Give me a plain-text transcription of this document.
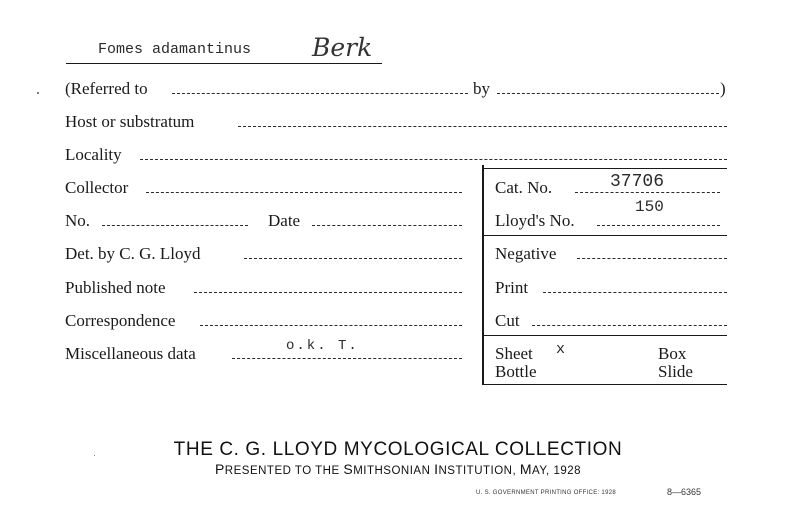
Fomes adamantinus Berk
(Referred to	by	)
Host or substratum
Locality
Collector
No.	Date
Det. by C. G. Lloyd
Published note
Correspondence
Miscellaneous data	o.k. T.
Cat. No.	37706
Lloyd's No.
150
Negative
Print
Cut
Sheet x	Box
Bottle	Slide
THE C. G. LLOYD MYCOLOGICAL COLLECTION
PRESENTED TO THE SMITHSONIAN INSTITUTION, MAY, 1928
U. S. GOVERNMENT PRINTING OFFICE: 1928	8—6365
